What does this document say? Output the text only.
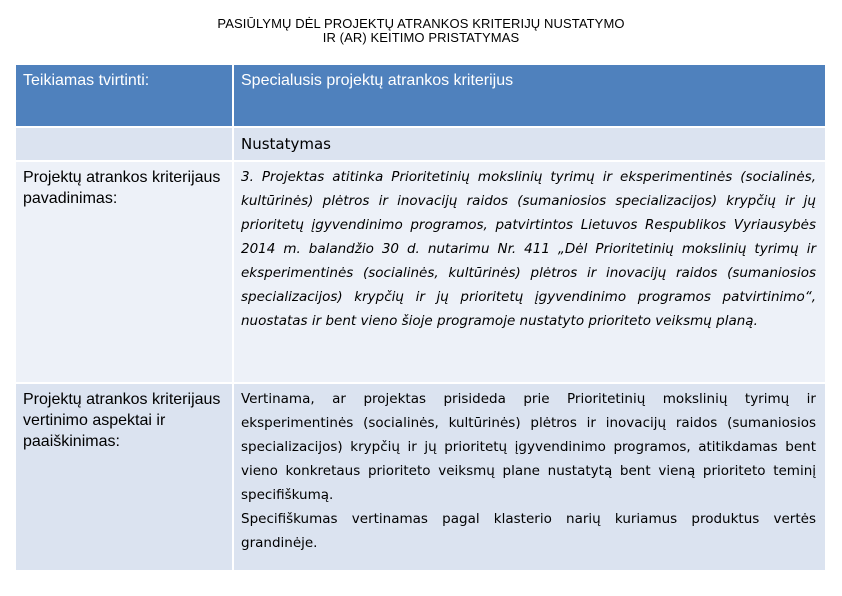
PASIŪLYMŲ DĖL PROJEKTŲ ATRANKOS KRITERIJŲ NUSTATYMO
IR (AR) KEITIMO PRISTATYMAS
Teikiamas tvirtinti:	Specialusis projektų atrankos kriterijus
Nustatymas
Projektų atrankos kriterijaus pavadinimas:

3. Projektas atitinka Prioritetinių mokslinių tyrimų ir eksperimentinės (socialinės, kultūrinės) plėtros ir inovacijų raidos (sumaniosios specializacijos) krypčių ir jų prioritetų įgyvendinimo programos, patvirtintos Lietuvos Respublikos Vyriausybės 2014 m. balandžio 30 d. nutarimu Nr. 411 „Dėl Prioritetinių mokslinių tyrimų ir eksperimentinės (socialinės, kultūrinės) plėtros ir inovacijų raidos (sumaniosios specializacijos) krypčių ir jų prioritetų įgyvendinimo programos patvirtinimo“, nuostatas ir bent vieno šioje programoje nustatyto prioriteto veiksmų planą.

Projektų atrankos kriterijaus vertinimo aspektai ir paaiškinimas:

Vertinama, ar projektas prisideda prie Prioritetinių mokslinių tyrimų ir eksperimentinės (socialinės, kultūrinės) plėtros ir inovacijų raidos (sumaniosios specializacijos) krypčių ir jų prioritetų įgyvendinimo programos, atitikdamas bent vieno konkretaus prioriteto veiksmų plane nustatytą bent vieną prioriteto teminį specifiškumą.

Specifiškumas vertinamas pagal klasterio narių kuriamus produktus vertės grandinėje.
